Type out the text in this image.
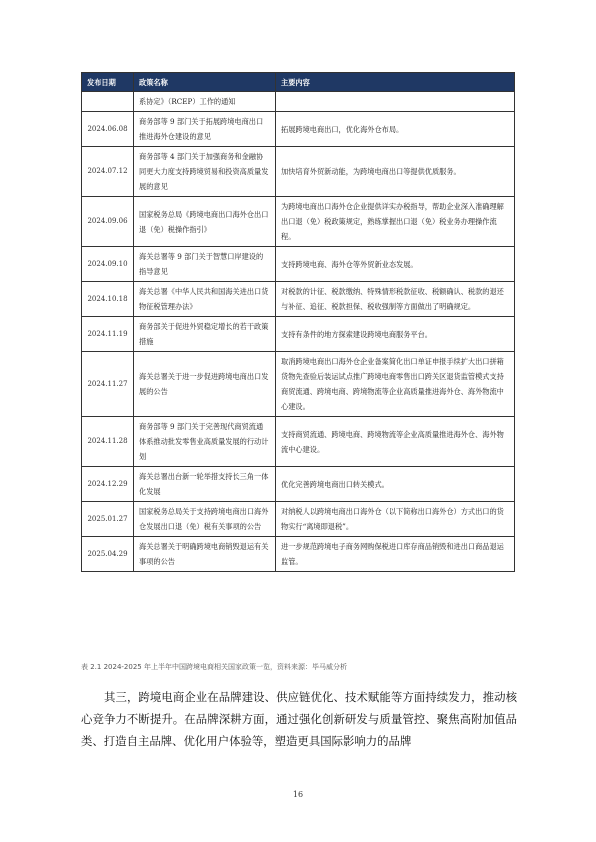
发布日期	政策名称	主要内容
	系协定》（RCEP）工作的通知	
2024.06.08	商务部等 9 部门关于拓展跨境电商出口推进海外仓建设的意见	拓展跨境电商出口，优化海外仓布局。
2024.07.12	商务部等 4 部门关于加强商务和金融协同更大力度支持跨境贸易和投资高质量发展的意见	加快培育外贸新动能，为跨境电商出口等提供优质服务。
2024.09.06	国家税务总局《跨境电商出口海外仓出口退（免）税操作指引》	为跨境电商出口海外仓企业提供详实办税指导，帮助企业深入准确理解出口退（免）税政策规定，熟练掌握出口退（免）税业务办理操作流程。
2024.09.10	海关总署等 9 部门关于智慧口岸建设的指导意见	支持跨境电商、海外仓等外贸新业态发展。
2024.10.18	海关总署《中华人民共和国海关进出口货物征税管理办法》	对税款的计征、税款缴纳、特殊情形税款征收、税额确认、税款的退还与补征、追征、税款担保、税收强制等方面做出了明确规定。
2024.11.19	商务部关于促进外贸稳定增长的若干政策措施	支持有条件的地方探索建设跨境电商服务平台。
2024.11.27	海关总署关于进一步促进跨境电商出口发展的公告	取消跨境电商出口海外仓企业备案简化出口单证申报手续扩大出口拼箱货物先查验后装运试点推广跨境电商零售出口跨关区退货监管模式支持商贸流通、跨境电商、跨境物流等企业高质量推进海外仓、海外物流中心建设。
2024.11.28	商务部等 9 部门关于完善现代商贸流通体系推动批发零售业高质量发展的行动计划	支持商贸流通、跨境电商、跨境物流等企业高质量推进海外仓、海外物流中心建设。
2024.12.29	海关总署出台新一轮举措支持长三角一体化发展	优化完善跨境电商出口转关模式。
2025.01.27	国家税务总局关于支持跨境电商出口海外仓发展出口退（免）税有关事项的公告	对纳税人以跨境电商出口海外仓（以下简称出口海外仓）方式出口的货物实行“离境即退税”。
2025.04.29	海关总署关于明确跨境电商销毁退运有关事项的公告	进一步规范跨境电子商务网购保税进口库存商品销毁和进出口商品退运监管。
表 2.1 2024-2025 年上半年中国跨境电商相关国家政策一览，资料来源：毕马威分析

其三，跨境电商企业在品牌建设、供应链优化、技术赋能等方面持续发力，推动核心竞争力不断提升。在品牌深耕方面，通过强化创新研发与质量管控、聚焦高附加值品类、打造自主品牌、优化用户体验等，塑造更具国际影响力的品牌

16
